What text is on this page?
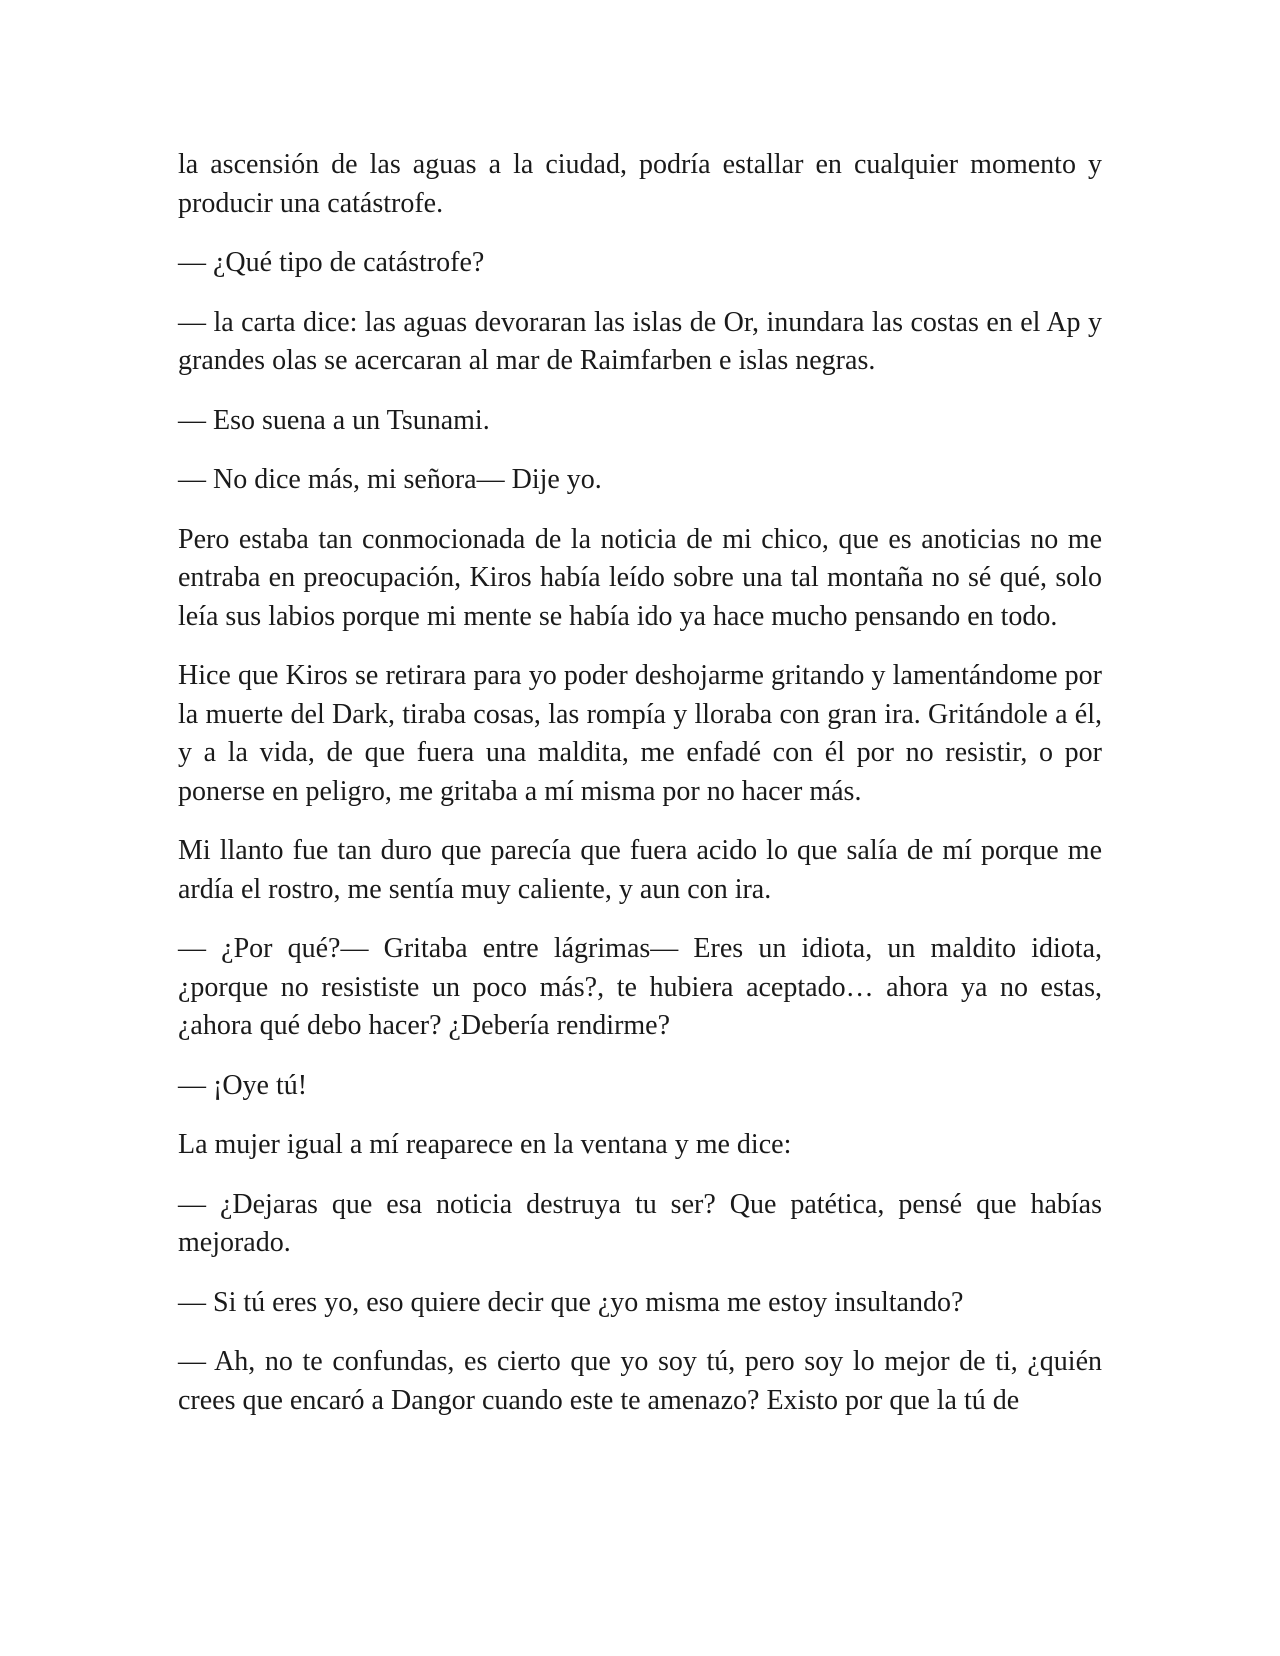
la ascensión de las aguas a la ciudad, podría estallar en cualquier momento y producir una catástrofe.

— ¿Qué tipo de catástrofe?

— la carta dice: las aguas devoraran las islas de Or, inundara las costas en el Ap y grandes olas se acercaran al mar de Raimfarben e islas negras.

— Eso suena a un Tsunami.

— No dice más, mi señora— Dije yo.

Pero estaba tan conmocionada de la noticia de mi chico, que es anoticias no me entraba en preocupación, Kiros había leído sobre una tal montaña no sé qué, solo leía sus labios porque mi mente se había ido ya hace mucho pensando en todo.

Hice que Kiros se retirara para yo poder deshojarme gritando y lamentándome por la muerte del Dark, tiraba cosas, las rompía y lloraba con gran ira. Gritándole a él, y a la vida, de que fuera una maldita, me enfadé con él por no resistir, o por ponerse en peligro, me gritaba a mí misma por no hacer más.

Mi llanto fue tan duro que parecía que fuera acido lo que salía de mí porque me ardía el rostro, me sentía muy caliente, y aun con ira.

— ¿Por qué?— Gritaba entre lágrimas— Eres un idiota, un maldito idiota, ¿porque no resististe un poco más?, te hubiera aceptado… ahora ya no estas, ¿ahora qué debo hacer? ¿Debería rendirme?

— ¡Oye tú!

La mujer igual a mí reaparece en la ventana y me dice:

— ¿Dejaras que esa noticia destruya tu ser? Que patética, pensé que habías mejorado.

— Si tú eres yo, eso quiere decir que ¿yo misma me estoy insultando?

— Ah, no te confundas, es cierto que yo soy tú, pero soy lo mejor de ti, ¿quién crees que encaró a Dangor cuando este te amenazo? Existo por que la tú de
